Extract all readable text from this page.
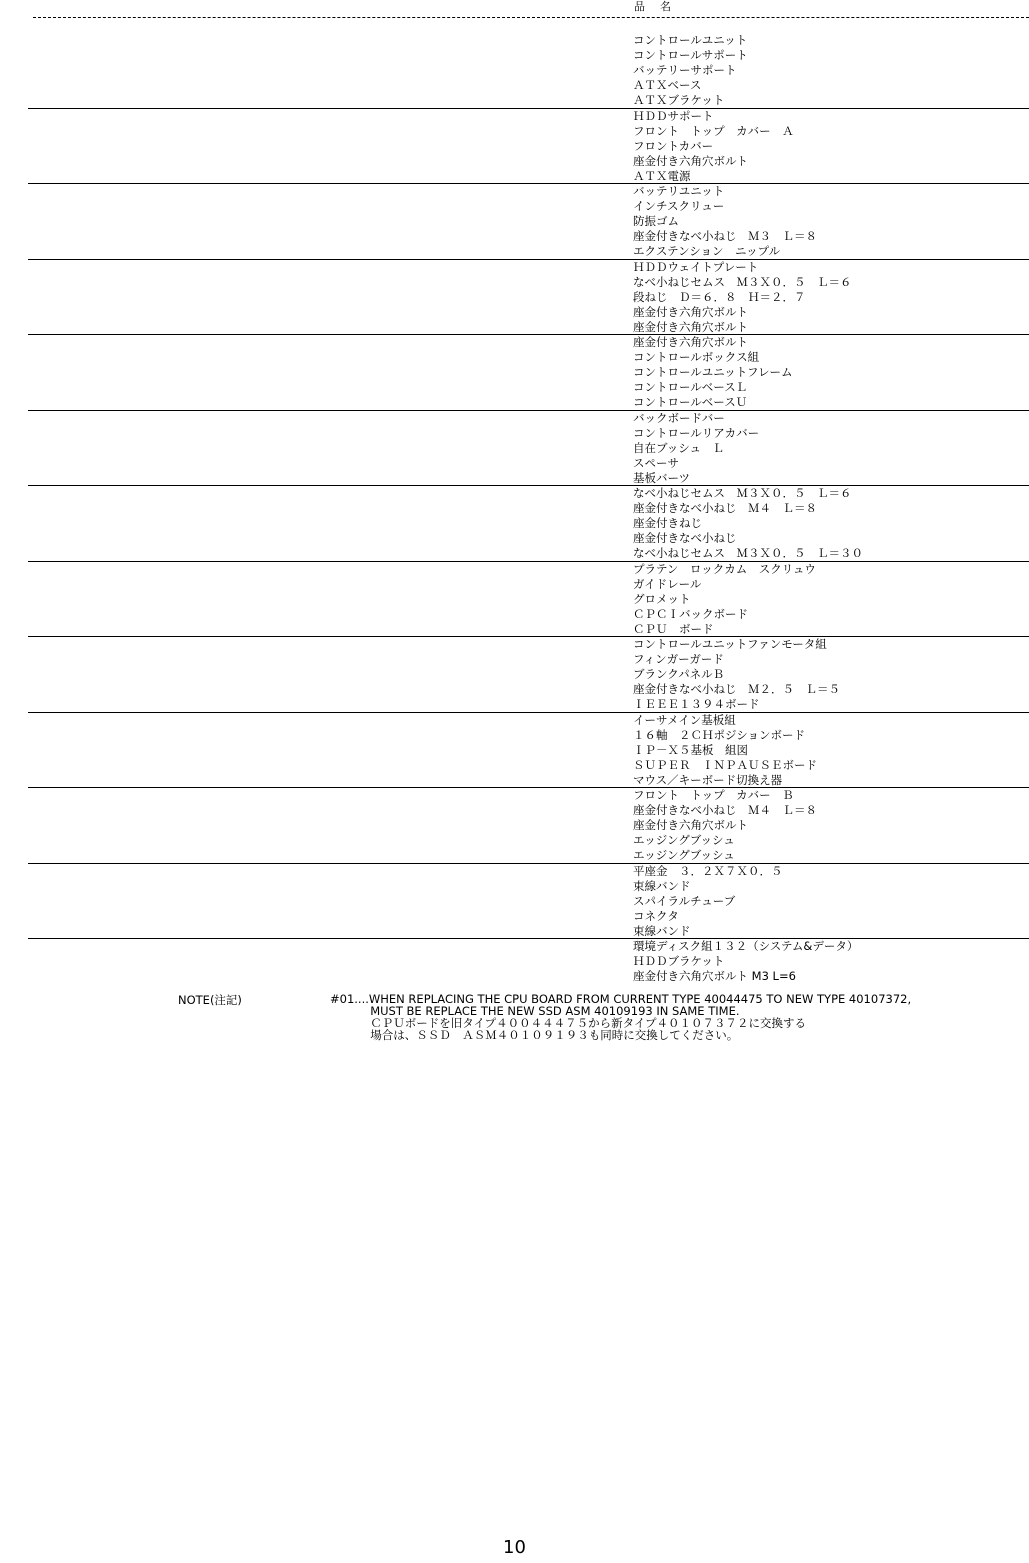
品　名
コントロールユニット
コントロールサポート
バッテリーサポート
ＡＴＸベース
ＡＴＸブラケット
ＨＤＤサポート
フロント　トップ　カバー　Ａ
フロントカバー
座金付き六角穴ボルト
ＡＴＸ電源
バッテリユニット
インチスクリュー
防振ゴム
座金付きなべ小ねじ　Ｍ３　Ｌ＝８
エクステンション　ニップル
ＨＤＤウェイトプレート
なべ小ねじセムス　Ｍ３Ｘ０．５　Ｌ＝６
段ねじ　Ｄ＝６．８　Ｈ＝２．７
座金付き六角穴ボルト
座金付き六角穴ボルト
座金付き六角穴ボルト
コントロールボックス組
コントロールユニットフレーム
コントロールベースＬ
コントロールベースＵ
バックボードバー
コントロールリアカバー
自在ブッシュ　Ｌ
スペーサ
基板バーツ
なべ小ねじセムス　Ｍ３Ｘ０．５　Ｌ＝６
座金付きなべ小ねじ　Ｍ４　Ｌ＝８
座金付きねじ
座金付きなべ小ねじ
なべ小ねじセムス　Ｍ３Ｘ０．５　Ｌ＝３０
プラテン　ロックカム　スクリュウ
ガイドレール
グロメット
ＣＰＣＩバックボード
ＣＰＵ　ボード
コントロールユニットファンモータ組
フィンガーガード
ブランクパネルＢ
座金付きなべ小ねじ　Ｍ２．５　Ｌ＝５
ＩＥＥＥ１３９４ボード
イーサメイン基板組
１６軸　２ＣＨポジションボード
ＩＰ－Ｘ５基板　組図
ＳＵＰＥＲ　ＩＮＰＡＵＳＥボード
マウス／キーボード切換え器
フロント　トップ　カバー　Ｂ
座金付きなべ小ねじ　Ｍ４　Ｌ＝８
座金付き六角穴ボルト
エッジングブッシュ
エッジングブッシュ
平座金　３．２Ｘ７Ｘ０．５
束線バンド
スパイラルチューブ
コネクタ
束線バンド
環境ディスク組１３２（システム&データ）
ＨＤＤブラケット
座金付き六角穴ボルト M3 L=6
NOTE(注記)	#01....WHEN REPLACING THE CPU BOARD FROM CURRENT TYPE 40044475 TO NEW TYPE 40107372,
MUST BE REPLACE THE NEW SSD ASM 40109193 IN SAME TIME.
ＣＰＵボードを旧タイプ４００４４４７５から新タイプ４０１０７３７２に交換する
場合は、ＳＳＤ　ＡＳＭ４０１０９１９３も同時に交換してください。
10
